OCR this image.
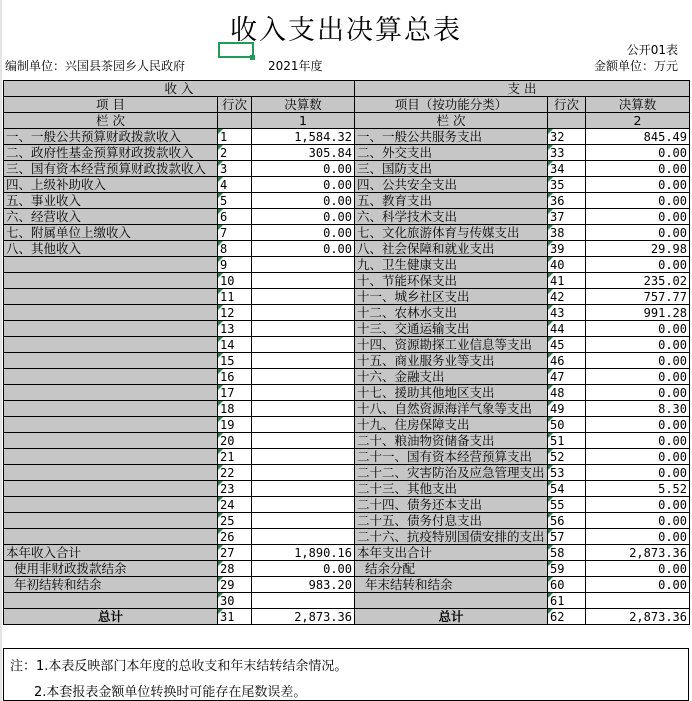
收入支出决算总表
公开01表
编制单位：兴国县茶园乡人民政府	2021年度	金额单位：万元
收 入			支 出		
项 目	行次	决算数	项目（按功能分类）	行次	决算数
栏 次		1	栏 次		2
一、一般公共预算财政拨款收入	1	1,584.32	一、一般公共服务支出	32	845.49
二、政府性基金预算财政拨款收入	2	305.84	二、外交支出	33	0.00
三、国有资本经营预算财政拨款收入	3	0.00	三、国防支出	34	0.00
四、上级补助收入	4	0.00	四、公共安全支出	35	0.00
五、事业收入	5	0.00	五、教育支出	36	0.00
六、经营收入	6	0.00	六、科学技术支出	37	0.00
七、附属单位上缴收入	7	0.00	七、文化旅游体育与传媒支出	38	0.00
八、其他收入	8	0.00	八、社会保障和就业支出	39	29.98
	9		九、卫生健康支出	40	0.00
	10		十、节能环保支出	41	235.02
	11		十一、城乡社区支出	42	757.77
	12		十二、农林水支出	43	991.28
	13		十三、交通运输支出	44	0.00
	14		十四、资源勘探工业信息等支出	45	0.00
	15		十五、商业服务业等支出	46	0.00
	16		十六、金融支出	47	0.00
	17		十七、援助其他地区支出	48	0.00
	18		十八、自然资源海洋气象等支出	49	8.30
	19		十九、住房保障支出	50	0.00
	20		二十、粮油物资储备支出	51	0.00
	21		二十一、国有资本经营预算支出	52	0.00
	22		二十二、灾害防治及应急管理支出	53	0.00
	23		二十三、其他支出	54	5.52
	24		二十四、债务还本支出	55	0.00
	25		二十五、债务付息支出	56	0.00
	26		二十六、抗疫特别国债安排的支出	57	0.00
本年收入合计	27	1,890.16	本年支出合计	58	2,873.36
使用非财政拨款结余	28	0.00	结余分配	59	0.00
年初结转和结余	29	983.20	年末结转和结余	60	0.00
	30			61	
总计	31	2,873.36	总计	62	2,873.36
注：1.本表反映部门本年度的总收支和年末结转结余情况。
2.本套报表金额单位转换时可能存在尾数误差。
